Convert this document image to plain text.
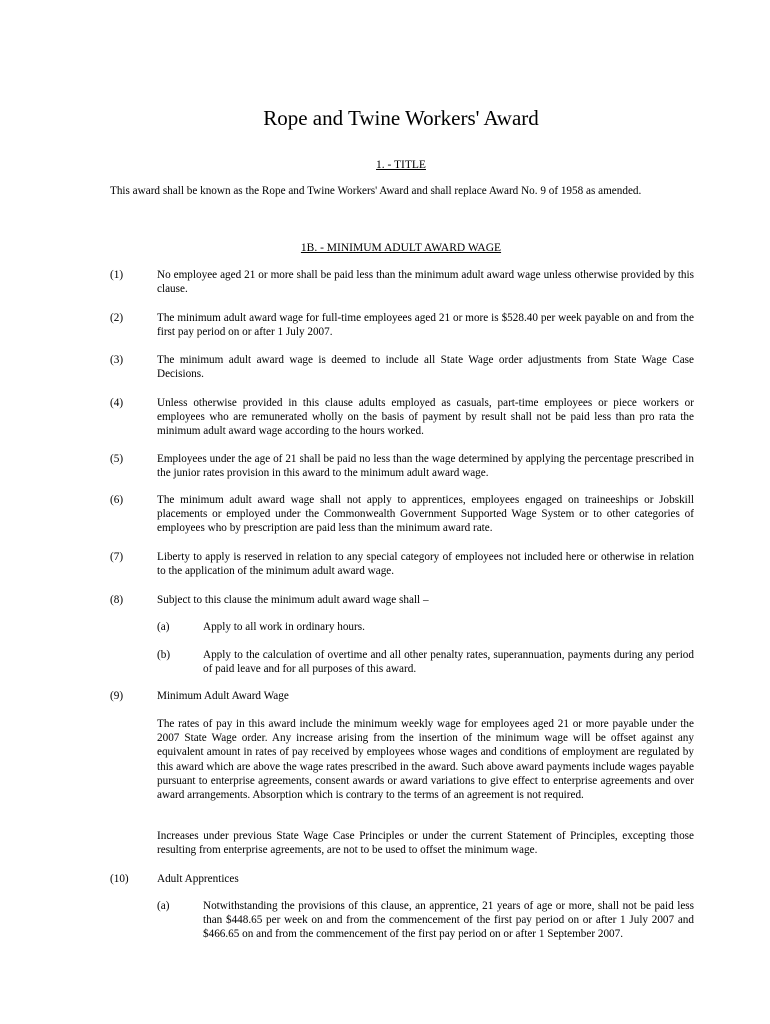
Rope and Twine Workers' Award
1. - TITLE

This award shall be known as the Rope and Twine Workers' Award and shall replace Award No. 9 of 1958 as amended.

1B. - MINIMUM ADULT AWARD WAGE
(1)	No employee aged 21 or more shall be paid less than the minimum adult award wage unless otherwise provided by this clause.

(2)	The minimum adult award wage for full-time employees aged 21 or more is $528.40 per week payable on and from the first pay period on or after 1 July 2007.

(3)	The minimum adult award wage is deemed to include all State Wage order adjustments from State Wage Case Decisions.

(4)	Unless otherwise provided in this clause adults employed as casuals, part-time employees or piece workers or employees who are remunerated wholly on the basis of payment by result shall not be paid less than pro rata the minimum adult award wage according to the hours worked.

(5)	Employees under the age of 21 shall be paid no less than the wage determined by applying the percentage prescribed in the junior rates provision in this award to the minimum adult award wage.

(6)	The minimum adult award wage shall not apply to apprentices, employees engaged on traineeships or Jobskill placements or employed under the Commonwealth Government Supported Wage System or to other categories of employees who by prescription are paid less than the minimum award rate.

(7)	Liberty to apply is reserved in relation to any special category of employees not included here or otherwise in relation to the application of the minimum adult award wage.

(8)	Subject to this clause the minimum adult award wage shall –

(a)	Apply to all work in ordinary hours.

(b)	Apply to the calculation of overtime and all other penalty rates, superannuation, payments during any period of paid leave and for all purposes of this award.

(9)	Minimum Adult Award Wage

The rates of pay in this award include the minimum weekly wage for employees aged 21 or more payable under the 2007 State Wage order. Any increase arising from the insertion of the minimum wage will be offset against any equivalent amount in rates of pay received by employees whose wages and conditions of employment are regulated by this award which are above the wage rates prescribed in the award. Such above award payments include wages payable pursuant to enterprise agreements, consent awards or award variations to give effect to enterprise agreements and over award arrangements. Absorption which is contrary to the terms of an agreement is not required.

Increases under previous State Wage Case Principles or under the current Statement of Principles, excepting those resulting from enterprise agreements, are not to be used to offset the minimum wage.

(10)	Adult Apprentices

(a)	Notwithstanding the provisions of this clause, an apprentice, 21 years of age or more, shall not be paid less than $448.65 per week on and from the commencement of the first pay period on or after 1 July 2007 and $466.65 on and from the commencement of the first pay period on or after 1 September 2007.
